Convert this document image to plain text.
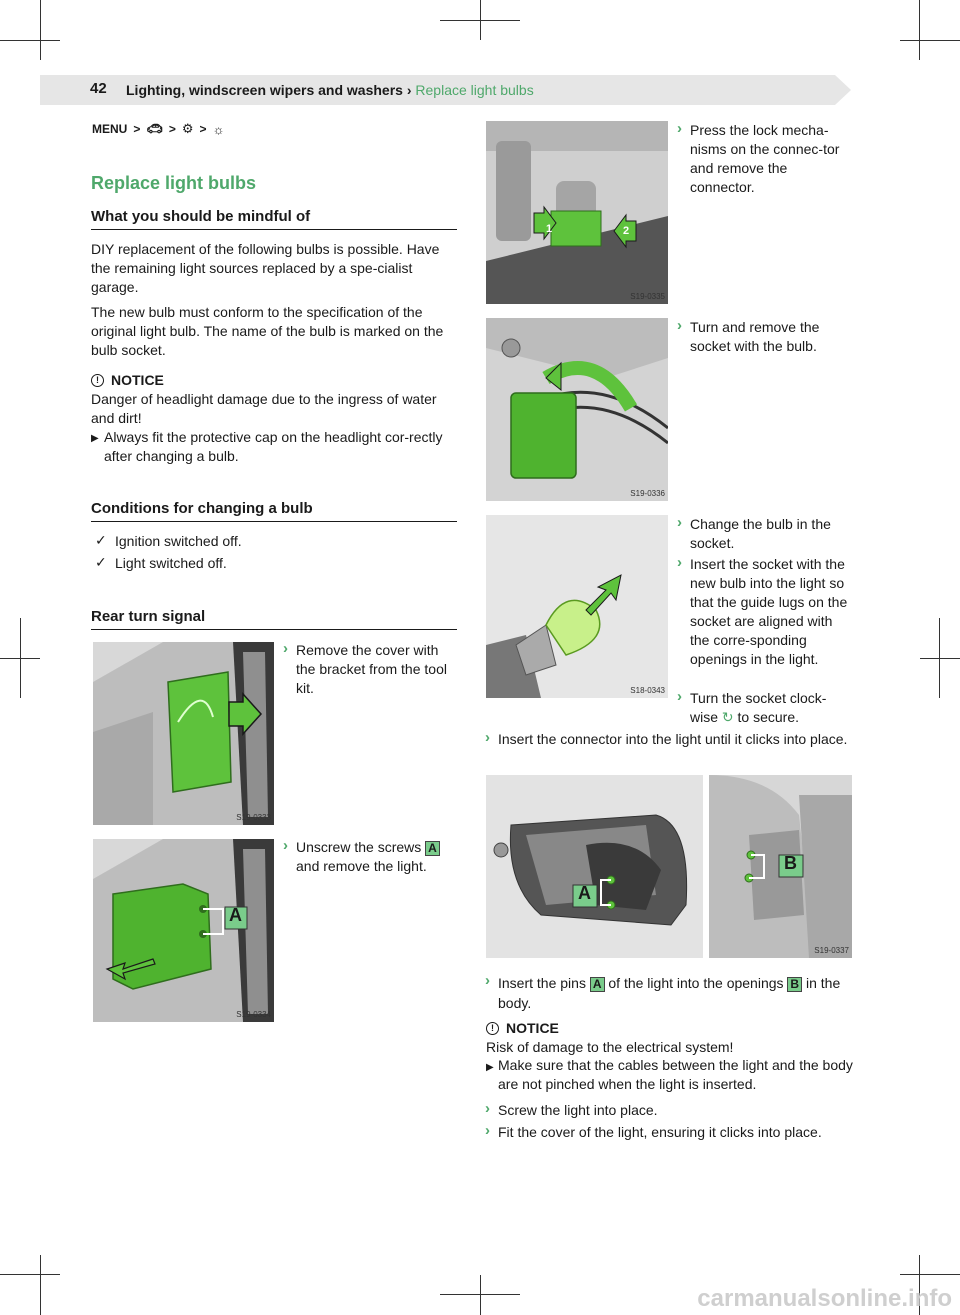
42 Lighting, windscreen wipers and washers › Replace light bulbs
MENU > 🚗︎ > ⚙ > ☼
Replace light bulbs
What you should be mindful of
DIY replacement of the following bulbs is possible. Have the remaining light sources replaced by a spe-cialist garage.
The new bulb must conform to the specification of the original light bulb. The name of the bulb is marked on the bulb socket.
! NOTICE
Danger of headlight damage due to the ingress of water and dirt!
▶ Always fit the protective cap on the headlight cor-rectly after changing a bulb.
Conditions for changing a bulb
✓ Ignition switched off.
✓ Light switched off.
Rear turn signal
S19-0333
› Remove the cover with the bracket from the tool kit.
A
S19-0334
› Unscrew the screws A and remove the light.
1	2
S19-0335
› Press the lock mecha-nisms on the connec-tor and remove the connector.
S19-0336
› Turn and remove the socket with the bulb.
S18-0343
› Change the bulb in the socket.
› Insert the socket with the new bulb into the light so that the guide lugs on the socket are aligned with the corre-sponding openings in the light.
› Turn the socket clock-wise ↻ to secure.
› Insert the connector into the light until it clicks into place.
A
B
S19-0337
› Insert the pins A of the light into the openings B in the body.
! NOTICE
Risk of damage to the electrical system!
▶ Make sure that the cables between the light and the body are not pinched when the light is inserted.
› Screw the light into place.
› Fit the cover of the light, ensuring it clicks into place.
carmanualsonline.info
